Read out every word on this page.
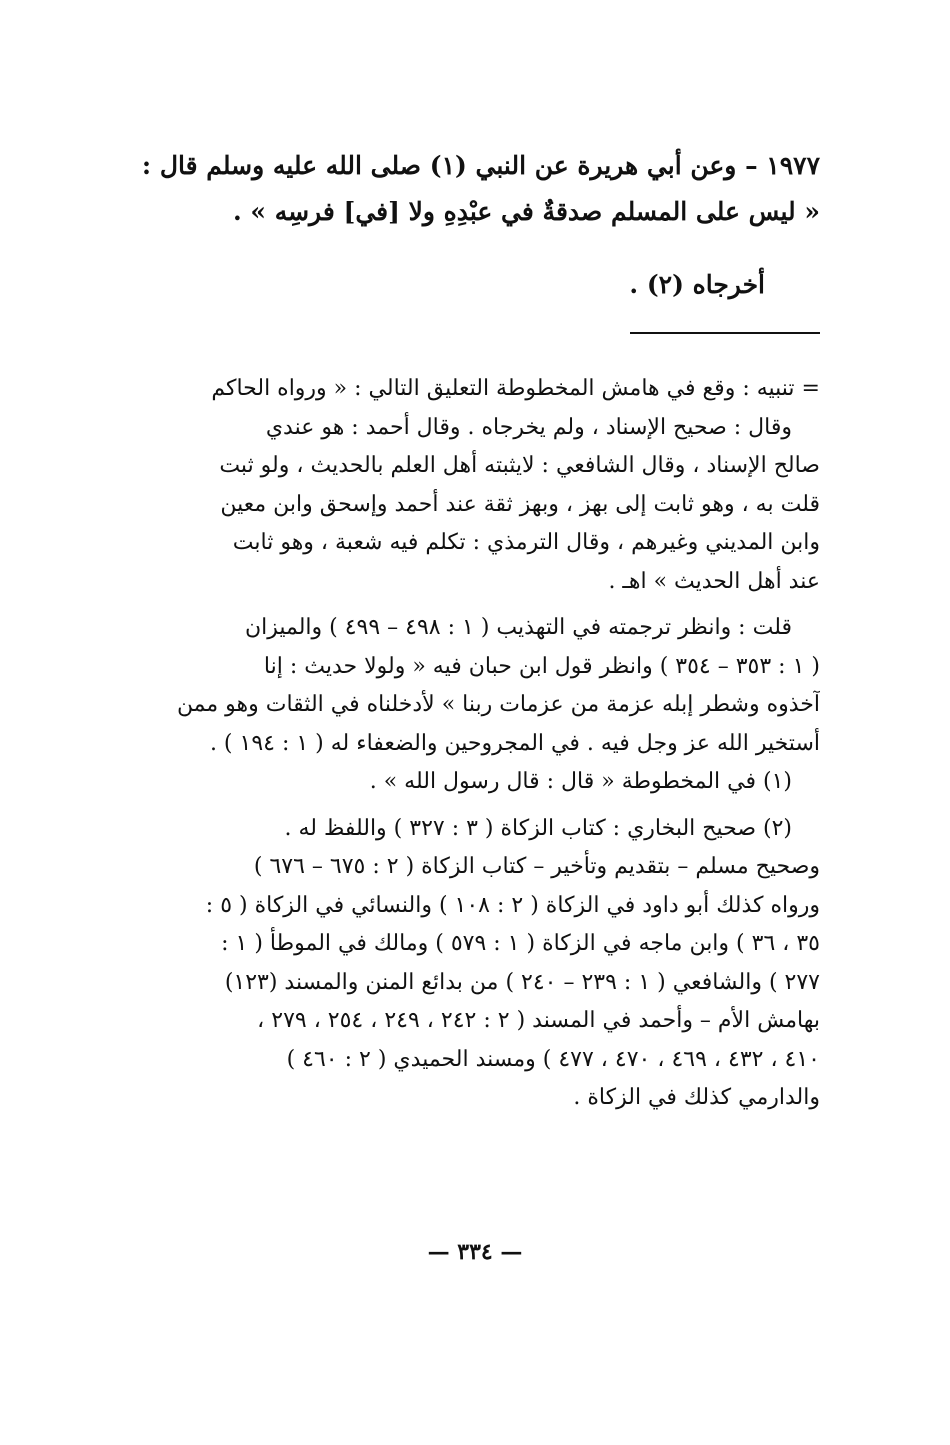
١٩٧٧ – وعن أبي هريرة عن النبي (١) صلى الله عليه وسلم قال :
« ليس على المسلم صدقةٌ في عبْدِهِ ولا [في] فرسِه » .
أخرجاه (٢) .
= تنبيه : وقع في هامش المخطوطة التعليق التالي : « ورواه الحاكم
وقال : صحيح الإسناد ، ولم يخرجاه . وقال أحمد : هو عندي
صالح الإسناد ، وقال الشافعي : لايثبته أهل العلم بالحديث ، ولو ثبت
قلت به ، وهو ثابت إلى بهز ، وبهز ثقة عند أحمد وإسحق وابن معين
وابن المديني وغيرهم ، وقال الترمذي : تكلم فيه شعبة ، وهو ثابت
عند أهل الحديث » اهـ .
قلت : وانظر ترجمته في التهذيب ( ١ : ٤٩٨ – ٤٩٩ ) والميزان
( ١ : ٣٥٣ – ٣٥٤ ) وانظر قول ابن حبان فيه « ولولا حديث : إنا
آخذوه وشطر إبله عزمة من عزمات ربنا » لأدخلناه في الثقات وهو ممن
أستخير الله عز وجل فيه . في المجروحين والضعفاء له ( ١ : ١٩٤ ) .
(١) في المخطوطة « قال : قال رسول الله » .
(٢) صحيح البخاري : كتاب الزكاة ( ٣ : ٣٢٧ ) واللفظ له .
وصحيح مسلم – بتقديم وتأخير – كتاب الزكاة ( ٢ : ٦٧٥ – ٦٧٦ )
ورواه كذلك أبو داود في الزكاة ( ٢ : ١٠٨ ) والنسائي في الزكاة ( ٥ :
٣٥ ، ٣٦ ) وابن ماجه في الزكاة ( ١ : ٥٧٩ ) ومالك في الموطأ ( ١ :
٢٧٧ ) والشافعي ( ١ : ٢٣٩ – ٢٤٠ ) من بدائع المنن والمسند (١٢٣)
بهامش الأم – وأحمد في المسند ( ٢ : ٢٤٢ ، ٢٤٩ ، ٢٥٤ ، ٢٧٩ ،
٤١٠ ، ٤٣٢ ، ٤٦٩ ، ٤٧٠ ، ٤٧٧ ) ومسند الحميدي ( ٢ : ٤٦٠ )
والدارمي كذلك في الزكاة .
— ٣٣٤ —
